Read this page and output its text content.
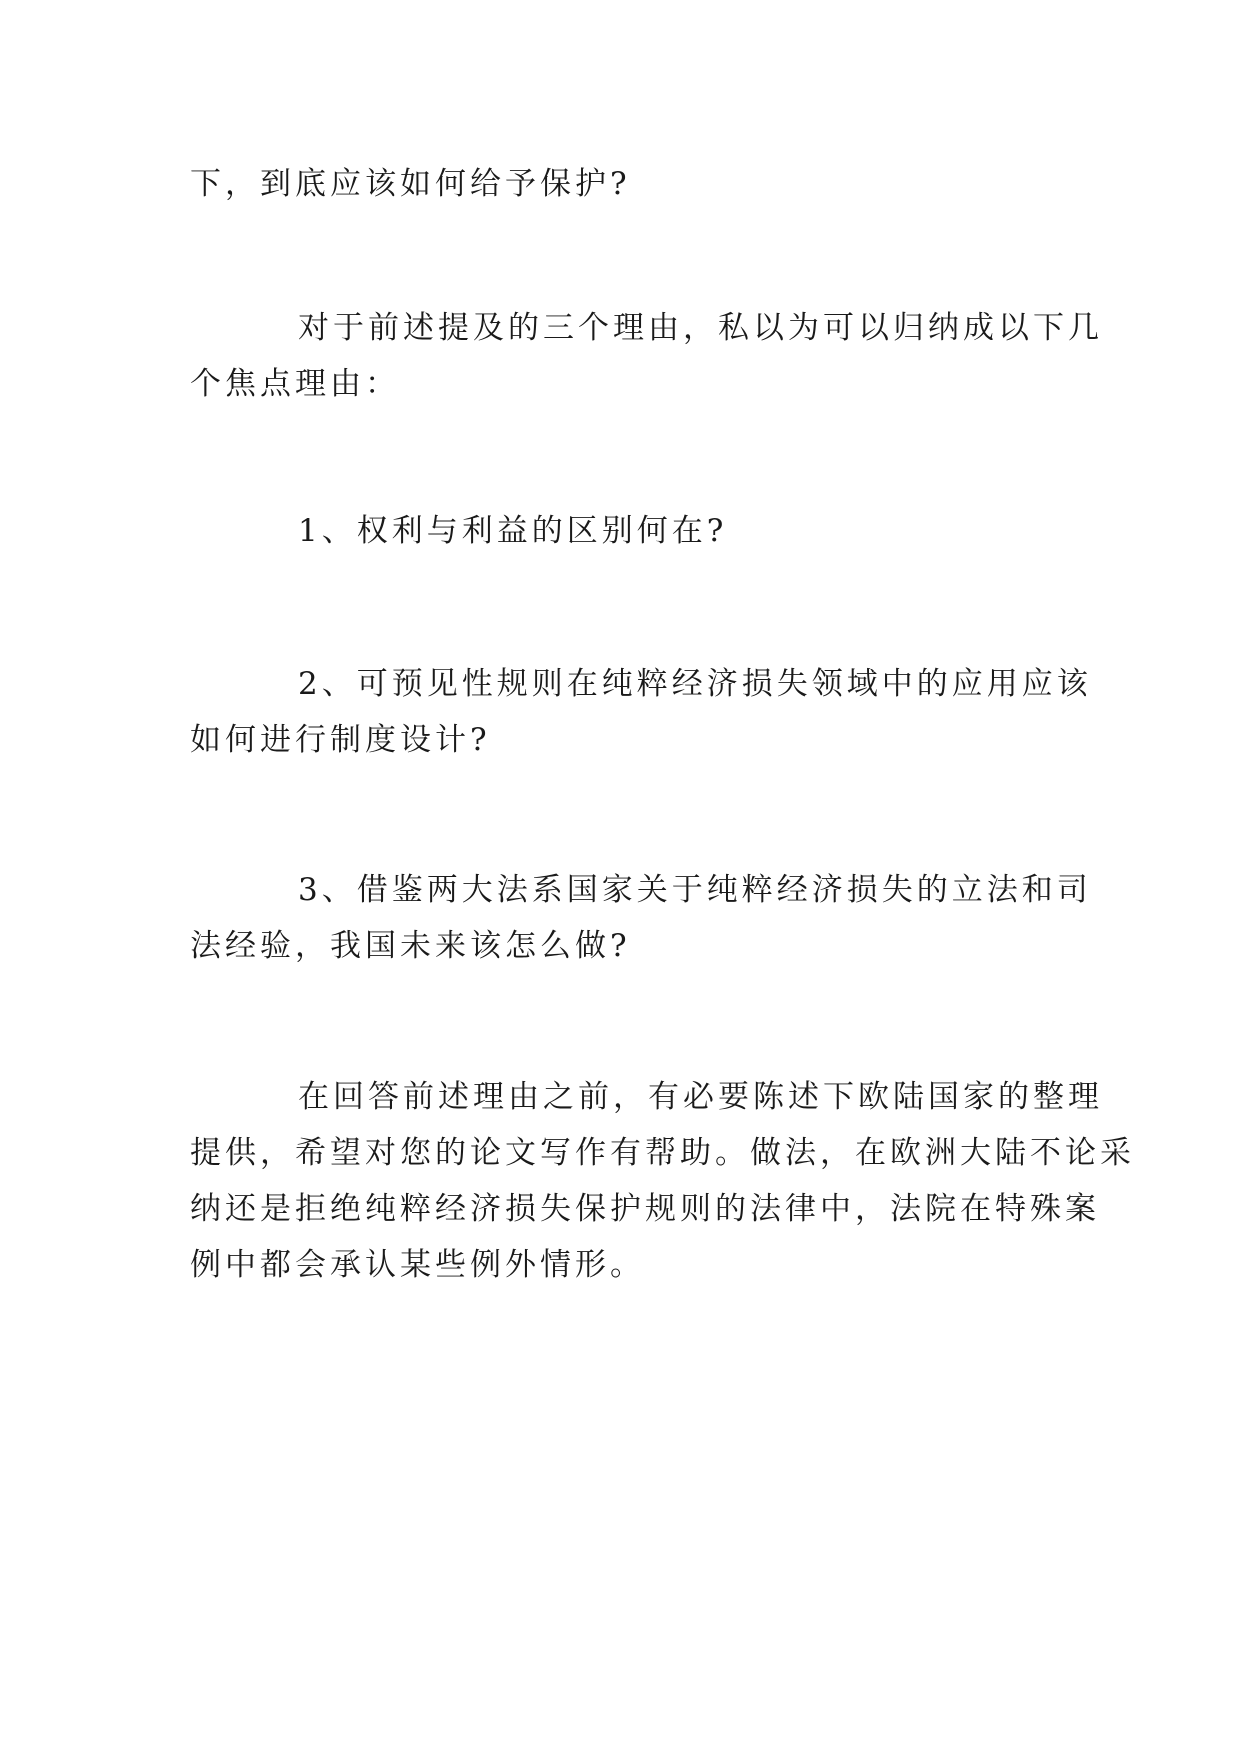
下，到底应该如何给予保护?

对于前述提及的三个理由，私以为可以归纳成以下几

个焦点理由：

1、权利与利益的区别何在?

2、可预见性规则在纯粹经济损失领域中的应用应该

如何进行制度设计?

3、借鉴两大法系国家关于纯粹经济损失的立法和司

法经验，我国未来该怎么做?

在回答前述理由之前，有必要陈述下欧陆国家的整理

提供，希望对您的论文写作有帮助。做法，在欧洲大陆不论采

纳还是拒绝纯粹经济损失保护规则的法律中，法院在特殊案

例中都会承认某些例外情形。
